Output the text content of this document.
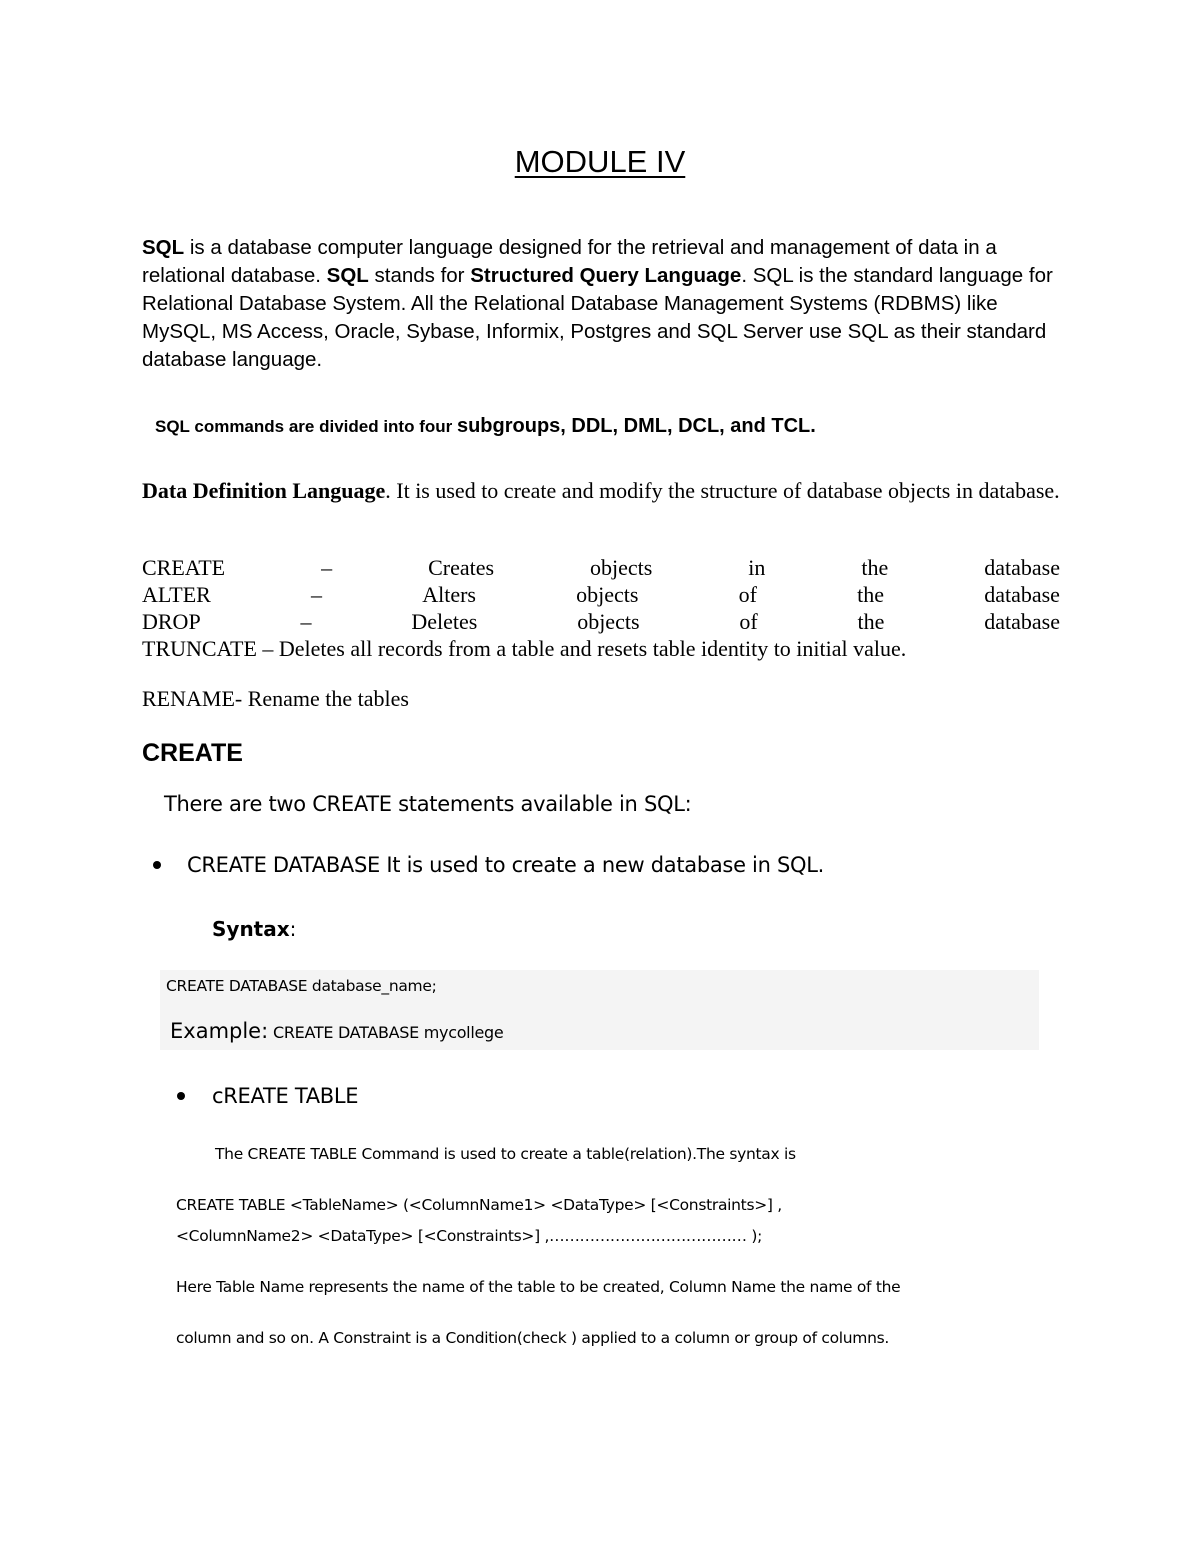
MODULE IV
SQL is a database computer language designed for the retrieval and management of data in a relational database. SQL stands for Structured Query Language. SQL is the standard language for Relational Database System. All the Relational Database Management Systems (RDBMS) like MySQL, MS Access, Oracle, Sybase, Informix, Postgres and SQL Server use SQL as their standard database language.
SQL commands are divided into four subgroups, DDL, DML, DCL, and TCL.
Data Definition Language. It is used to create and modify the structure of database objects in database.
CREATE	–	Creates	objects	in	the	database
ALTER	–	Alters	objects	of	the	database
DROP	–	Deletes	objects	of	the	database
TRUNCATE – Deletes all records from a table and resets table identity to initial value.
RENAME- Rename the tables
CREATE
There are two CREATE statements available in SQL:
CREATE DATABASE It is used to create a new database in SQL.
Syntax:
CREATE DATABASE database_name;
Example: CREATE DATABASE mycollege
cREATE TABLE
The CREATE TABLE Command is used to create a table(relation).The syntax is
CREATE TABLE <TableName> (<ColumnName1> <DataType> [<Constraints>] ,
<ColumnName2> <DataType> [<Constraints>] ,………………………………… );
Here Table Name represents the name of the table to be created, Column Name the name of the
column and so on. A Constraint is a Condition(check ) applied to a column or group of columns.
